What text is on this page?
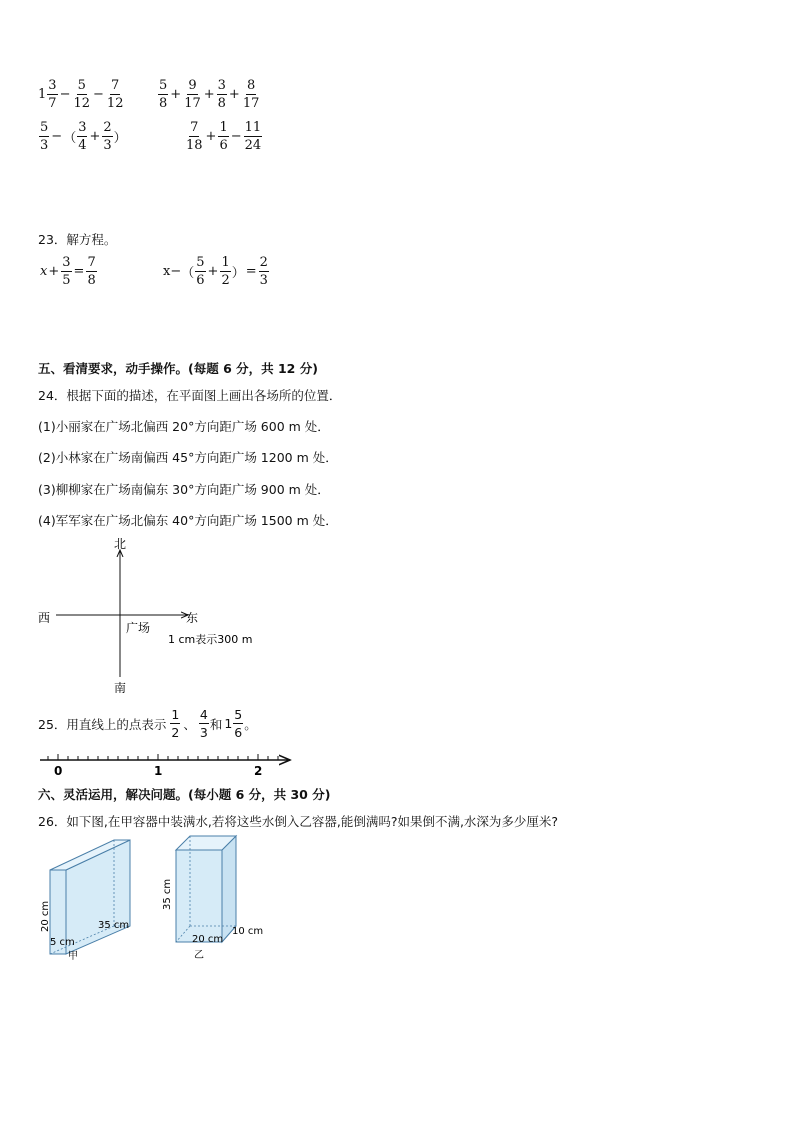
$1 \frac{3}{7} - \frac{5}{12} - \frac{7}{12}$	$\frac{5}{8} + \frac{9}{17} + \frac{3}{8} + \frac{8}{17}$
$\frac{5}{3}$ − （ $\frac{3}{4} + \frac{2}{3}$ ）	$\frac{7}{18} + \frac{1}{6} - \frac{11}{24}$
23．解方程。
$x + \frac{3}{5} = \frac{7}{8}$	x− （ $\frac{5}{6} + \frac{1}{2}$ ） = $\frac{2}{3}$
五、看清要求，动手操作。(每题 6 分，共 12 分)
24．根据下面的描述，在平面图上画出各场所的位置．
(1)小丽家在广场北偏西 20°方向距广场 600 m 处．
(2)小林家在广场南偏西 45°方向距广场 1200 m 处．
(3)柳柳家在广场南偏东 30°方向距广场 900 m 处．
(4)军军家在广场北偏东 40°方向距广场 1500 m 处．
北
南
西	东
广场
1 cm表示300 m
25．用直线上的点表示 $\frac{1}{2}$ 、 $\frac{4}{3}$ 和 $1 \frac{5}{6}$ 。
0	1	2
六、灵活运用，解决问题。(每小题 6 分，共 30 分)
26．如下图,在甲容器中装满水,若将这些水倒入乙容器,能倒满吗?如果倒不满,水深为多少厘米?
20 cm	35 cm
5 cm
甲
35 cm
20 cm
10 cm
乙
